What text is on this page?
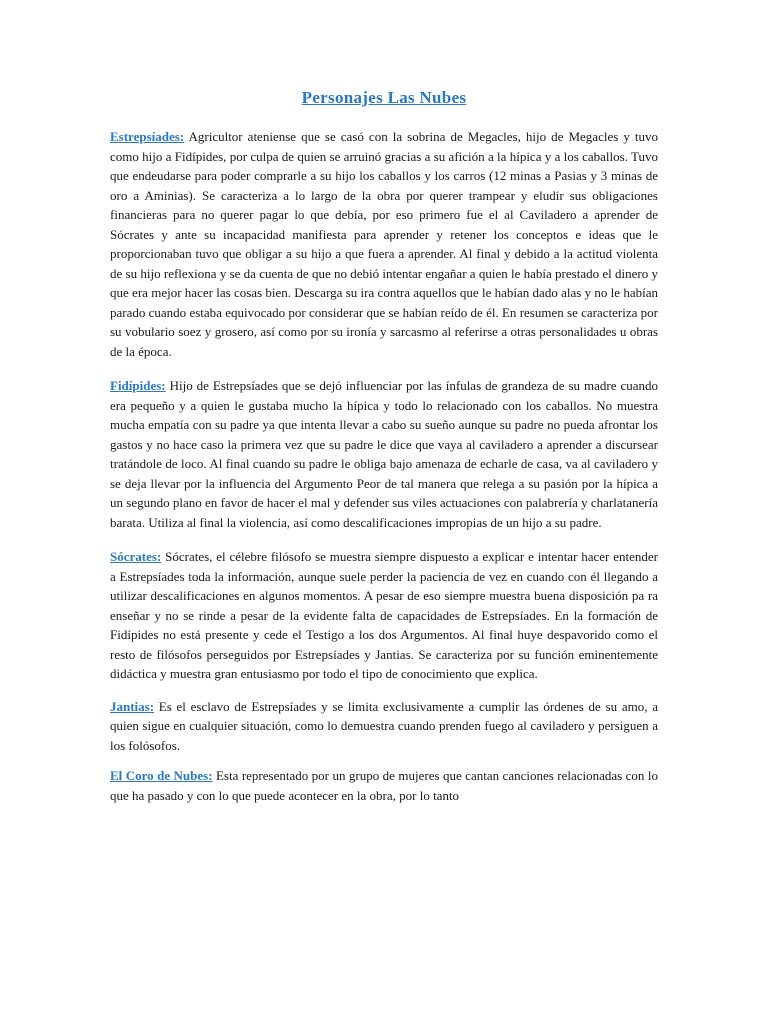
Personajes Las Nubes

Estrepsíades: Agricultor ateniense que se casó con la sobrina de Megacles, hijo de Megacles y tuvo como hijo a Fidípides, por culpa de quien se arruinó gracias a su afición a la hípica y a los caballos. Tuvo que endeudarse para poder comprarle a su hijo los caballos y los carros (12 minas a Pasias y 3 minas de oro a Aminias). Se caracteriza a lo largo de la obra por querer trampear y eludir sus obligaciones financieras para no querer pagar lo que debía, por eso primero fue el al Caviladero a aprender de Sócrates y ante su incapacidad manifiesta para aprender y retener los conceptos e ideas que le proporcionaban tuvo que obligar a su hijo a que fuera a aprender. Al final y debido a la actitud violenta de su hijo reflexiona y se da cuenta de que no debió intentar engañar a quien le había prestado el dinero y que era mejor hacer las cosas bien. Descarga su ira contra aquellos que le habían dado alas y no le habían parado cuando estaba equivocado por considerar que se habían reído de él. En resumen se caracteriza por su vobulario soez y grosero, así como por su ironía y sarcasmo al referirse a otras personalidades u obras de la época.

Fidípides: Hijo de Estrepsíades que se dejó influenciar por las ínfulas de grandeza de su madre cuando era pequeño y a quien le gustaba mucho la hípica y todo lo relacionado con los caballos. No muestra mucha empatía con su padre ya que intenta llevar a cabo su sueño aunque su padre no pueda afrontar los gastos y no hace caso la primera vez que su padre le dice que vaya al caviladero a aprender a discursear tratándole de loco. Al final cuando su padre le obliga bajo amenaza de echarle de casa, va al caviladero y se deja llevar por la influencia del Argumento Peor de tal manera que relega a su pasión por la hípica a un segundo plano en favor de hacer el mal y defender sus viles actuaciones con palabrería y charlatanería barata. Utiliza al final la violencia, así como descalificaciones impropias de un hijo a su padre.

Sócrates: Sócrates, el célebre filósofo se muestra siempre dispuesto a explicar e intentar hacer entender a Estrepsíades toda la información, aunque suele perder la paciencia de vez en cuando con él llegando a utilizar descalificaciones en algunos momentos. A pesar de eso siempre muestra buena disposición pa ra enseñar y no se rinde a pesar de la evidente falta de capacidades de Estrepsíades. En la formación de Fidípides no está presente y cede el Testigo a los dos Argumentos. Al final huye despavorido como el resto de filósofos perseguidos por Estrepsíades y Jantias. Se caracteriza por su función eminentemente didáctica y muestra gran entusiasmo por todo el tipo de conocimiento que explica.

Jantias: Es el esclavo de Estrepsíades y se limita exclusivamente a cumplir las órdenes de su amo, a quien sigue en cualquier situación, como lo demuestra cuando prenden fuego al caviladero y persiguen a los folósofos.

El Coro de Nubes: Esta representado por un grupo de mujeres que cantan canciones relacionadas con lo que ha pasado y con lo que puede acontecer en la obra, por lo tanto
